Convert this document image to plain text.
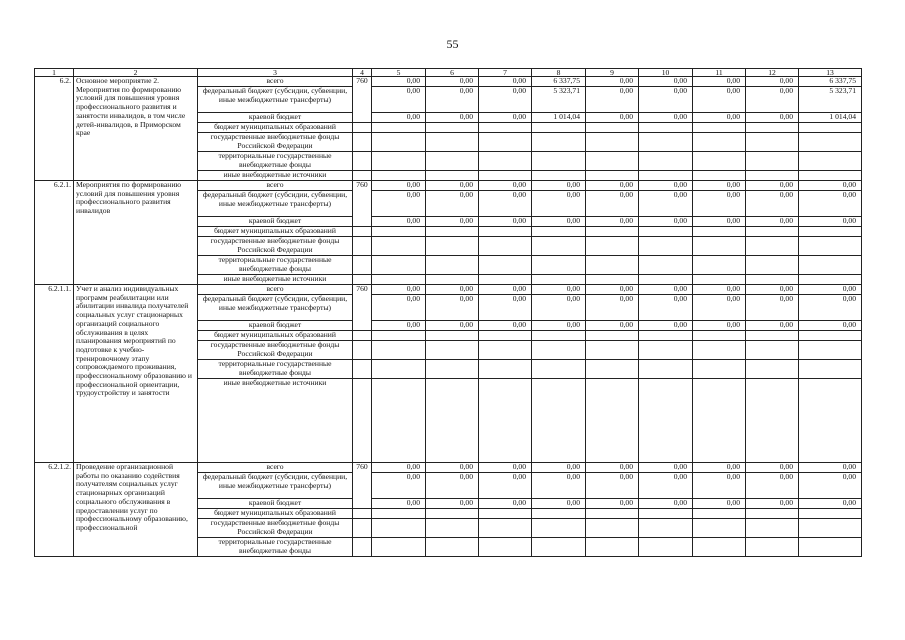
55
1	2	3	4	5	6	7	8	9	10	11	12	13
6.2.	Основное мероприятие 2. Мероприятия по формированию условий для повышения уровня профессионального развития и занятости инвалидов, в том числе детей-инвалидов, в Приморском крае	всего	760	0,00	0,00	0,00	6 337,75	0,00	0,00	0,00	0,00	6 337,75
		федеральный бюджет (субсидии, субвенции, иные межбюджетные трансферты)		0,00	0,00	0,00	5 323,71	0,00	0,00	0,00	0,00	5 323,71
		краевой бюджет		0,00	0,00	0,00	1 014,04	0,00	0,00	0,00	0,00	1 014,04
		бюджет муниципальных образований										
		государственные внебюджетные фонды Российской Федерации										
		территориальные государственные внебюджетные фонды										
		иные внебюджетные источники										
6.2.1.	Мероприятия по формированию условий для повышения уровня профессионального развития инвалидов	всего	760	0,00	0,00	0,00	0,00	0,00	0,00	0,00	0,00	0,00
		федеральный бюджет (субсидии, субвенции, иные межбюджетные трансферты)		0,00	0,00	0,00	0,00	0,00	0,00	0,00	0,00	0,00
		краевой бюджет		0,00	0,00	0,00	0,00	0,00	0,00	0,00	0,00	0,00
		бюджет муниципальных образований										
		государственные внебюджетные фонды Российской Федерации										
		территориальные государственные внебюджетные фонды										
		иные внебюджетные источники										
6.2.1.1.	Учет и анализ индивидуальных программ реабилитации или абилитации инвалида получателей социальных услуг стационарных организаций социального обслуживания в целях планирования мероприятий по подготовке к учебно-тренировочному этапу сопровождаемого проживания, профессиональному образованию и профессиональной ориентации, трудоустройству и занятости	всего	760	0,00	0,00	0,00	0,00	0,00	0,00	0,00	0,00	0,00
		федеральный бюджет (субсидии, субвенции, иные межбюджетные трансферты)		0,00	0,00	0,00	0,00	0,00	0,00	0,00	0,00	0,00
		краевой бюджет		0,00	0,00	0,00	0,00	0,00	0,00	0,00	0,00	0,00
		бюджет муниципальных образований										
		государственные внебюджетные фонды Российской Федерации										
		территориальные государственные внебюджетные фонды										
		иные внебюджетные источники										
6.2.1.2.	Проведение организационной работы по оказанию содействия получателям социальных услуг стационарных организаций социального обслуживания в предоставлении услуг по профессиональному образованию, профессиональной	всего	760	0,00	0,00	0,00	0,00	0,00	0,00	0,00	0,00	0,00
		федеральный бюджет (субсидии, субвенции, иные межбюджетные трансферты)		0,00	0,00	0,00	0,00	0,00	0,00	0,00	0,00	0,00
		краевой бюджет		0,00	0,00	0,00	0,00	0,00	0,00	0,00	0,00	0,00
		бюджет муниципальных образований										
		государственные внебюджетные фонды Российской Федерации										
		территориальные государственные внебюджетные фонды										
